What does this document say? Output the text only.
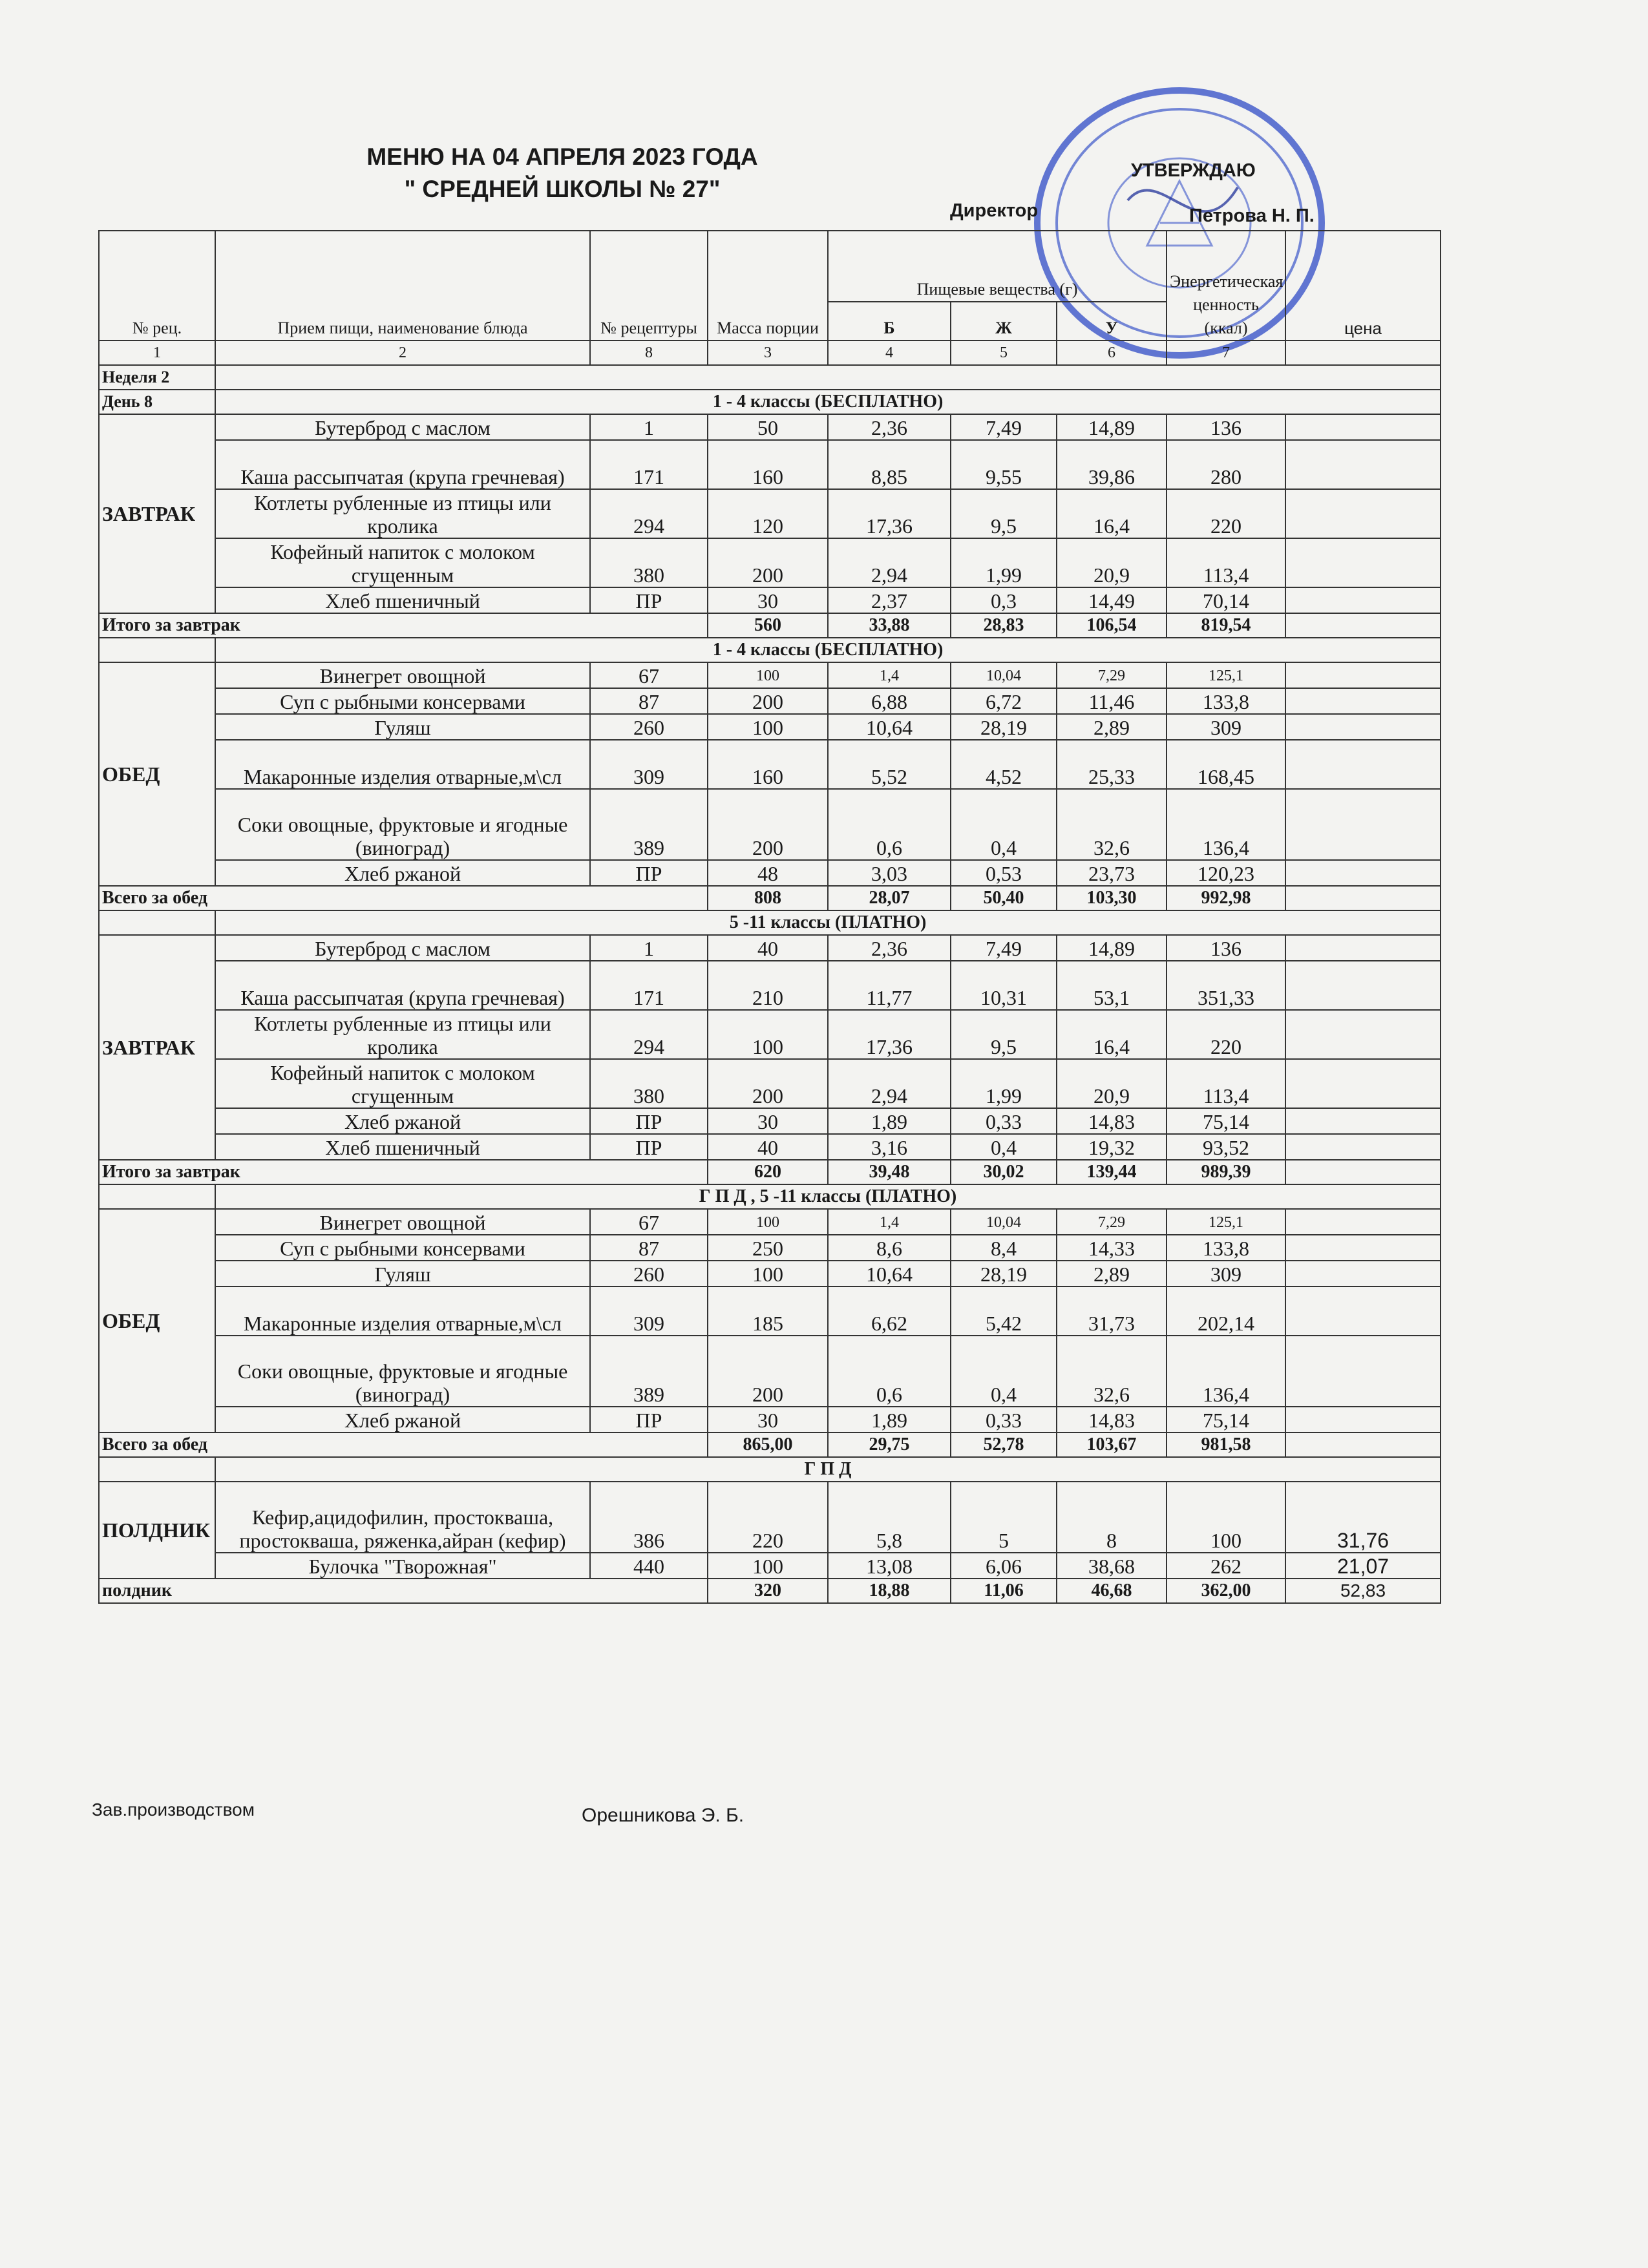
МЕНЮ НА 04 АПРЕЛЯ 2023 ГОДА
" СРЕДНЕЙ ШКОЛЫ № 27"
УТВЕРЖДАЮ
Директор	Петрова Н. П.
№ рец.	Прием пищи, наименование блюда	№ рецептуры	Масса порции	Пищевые вещества (г)			Энергетическая ценность (ккал)	цена
				Б	Ж	У		
1	2	8	3	4	5	6	7	
Неделя 2								
День 8	1 - 4 классы (БЕСПЛАТНО)							
ЗАВТРАК	Бутерброд с маслом	1	50	2,36	7,49	14,89	136	
	Каша рассыпчатая (крупа гречневая)	171	160	8,85	9,55	39,86	280	
	Котлеты рубленные из птицы или кролика	294	120	17,36	9,5	16,4	220	
	Кофейный напиток с молоком сгущенным	380	200	2,94	1,99	20,9	113,4	
	Хлеб пшеничный	ПР	30	2,37	0,3	14,49	70,14	
Итого за завтрак			560	33,88	28,83	106,54	819,54	
	1 - 4 классы (БЕСПЛАТНО)							
ОБЕД	Винегрет овощной	67	100	1,4	10,04	7,29	125,1	
	Суп с рыбными консервами	87	200	6,88	6,72	11,46	133,8	
	Гуляш	260	100	10,64	28,19	2,89	309	
	Макаронные изделия отварные,м\сл	309	160	5,52	4,52	25,33	168,45	
	Соки овощные, фруктовые и ягодные (виноград)	389	200	0,6	0,4	32,6	136,4	
	Хлеб ржаной	ПР	48	3,03	0,53	23,73	120,23	
Всего за обед			808	28,07	50,40	103,30	992,98	
	5 -11 классы (ПЛАТНО)							
ЗАВТРАК	Бутерброд с маслом	1	40	2,36	7,49	14,89	136	
	Каша рассыпчатая (крупа гречневая)	171	210	11,77	10,31	53,1	351,33	
	Котлеты рубленные из птицы или кролика	294	100	17,36	9,5	16,4	220	
	Кофейный напиток с молоком сгущенным	380	200	2,94	1,99	20,9	113,4	
	Хлеб ржаной	ПР	30	1,89	0,33	14,83	75,14	
	Хлеб пшеничный	ПР	40	3,16	0,4	19,32	93,52	
Итого за завтрак			620	39,48	30,02	139,44	989,39	
	Г П Д , 5 -11 классы (ПЛАТНО)							
ОБЕД	Винегрет овощной	67	100	1,4	10,04	7,29	125,1	
	Суп с рыбными консервами	87	250	8,6	8,4	14,33	133,8	
	Гуляш	260	100	10,64	28,19	2,89	309	
	Макаронные изделия отварные,м\сл	309	185	6,62	5,42	31,73	202,14	
	Соки овощные, фруктовые и ягодные (виноград)	389	200	0,6	0,4	32,6	136,4	
	Хлеб ржаной	ПР	30	1,89	0,33	14,83	75,14	
Всего за обед			865,00	29,75	52,78	103,67	981,58	
	Г П Д							
ПОЛДНИК	Кефир,ацидофилин, простокваша, простокваша, ряженка,айран (кефир)	386	220	5,8	5	8	100	31,76
	Булочка "Творожная"	440	100	13,08	6,06	38,68	262	21,07
полдник			320	18,88	11,06	46,68	362,00	52,83
Зав.производством	Орешникова Э. Б.
